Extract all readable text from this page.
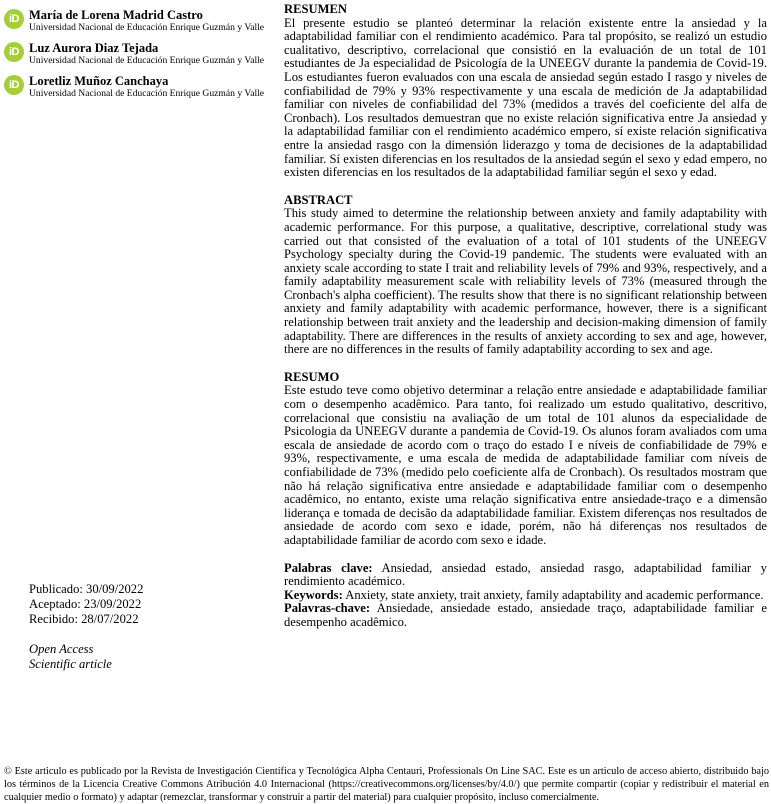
iD María de Lorena Madrid Castro
Universidad Nacional de Educación Enrique Guzmán y Valle
iD Luz Aurora Diaz Tejada
Universidad Nacional de Educación Enrique Guzmán y Valle
iD Loretliz Muñoz Canchaya
Universidad Nacional de Educación Enrique Guzmán y Valle
Publicado: 30/09/2022
Aceptado: 23/09/2022
Recibido: 28/07/2022
Open Access
Scientific article
RESUMEN

El presente estudio se planteó determinar la relación existente entre la ansiedad y la adaptabilidad familiar con el rendimiento académico. Para tal propósito, se realizó un estudio cualitativo, descriptivo, correlacional que consistió en la evaluación de un total de 101 estudiantes de Ja especialidad de Psicología de la UNEEGV durante la pandemia de Covid-19. Los estudiantes fueron evaluados con una escala de ansiedad según estado I rasgo y niveles de confiabilidad de 79% y 93% respectivamente y una escala de medición de Ja adaptabilidad familiar con niveles de confiabilidad del 73% (medidos a través del coeficiente del alfa de Cronbach). Los resultados demuestran que no existe relación significativa entre Ja ansiedad y la adaptabilidad familiar con el rendimiento académico empero, sí existe relación significativa entre la ansiedad rasgo con la dimensión liderazgo y toma de decisiones de la adaptabilidad familiar. Sí existen diferencias en los resultados de la ansiedad según el sexo y edad empero, no existen diferencias en los resultados de la adaptabilidad familiar según el sexo y edad.

ABSTRACT

This study aimed to determine the relationship between anxiety and family adaptability with academic performance. For this purpose, a qualitative, descriptive, correlational study was carried out that consisted of the evaluation of a total of 101 students of the UNEEGV Psychology specialty during the Covid-19 pandemic. The students were evaluated with an anxiety scale according to state I trait and reliability levels of 79% and 93%, respectively, and a family adaptability measurement scale with reliability levels of 73% (measured through the Cronbach's alpha coefficient). The results show that there is no significant relationship between anxiety and family adaptability with academic performance, however, there is a significant relationship between trait anxiety and the leadership and decision-making dimension of family adaptability. There are differences in the results of anxiety according to sex and age, however, there are no differences in the results of family adaptability according to sex and age.

RESUMO

Este estudo teve como objetivo determinar a relação entre ansiedade e adaptabilidade familiar com o desempenho acadêmico. Para tanto, foi realizado um estudo qualitativo, descritivo, correlacional que consistiu na avaliação de um total de 101 alunos da especialidade de Psicologia da UNEEGV durante a pandemia de Covid-19. Os alunos foram avaliados com uma escala de ansiedade de acordo com o traço do estado I e níveis de confiabilidade de 79% e 93%, respectivamente, e uma escala de medida de adaptabilidade familiar com níveis de confiabilidade de 73% (medido pelo coeficiente alfa de Cronbach). Os resultados mostram que não há relação significativa entre ansiedade e adaptabilidade familiar com o desempenho acadêmico, no entanto, existe uma relação significativa entre ansiedade-traço e a dimensão liderança e tomada de decisão da adaptabilidade familiar. Existem diferenças nos resultados de ansiedade de acordo com sexo e idade, porém, não há diferenças nos resultados de adaptabilidade familiar de acordo com sexo e idade.

Palabras clave: Ansiedad, ansiedad estado, ansiedad rasgo, adaptabilidad familiar y rendimiento académico.

Keywords: Anxiety, state anxiety, trait anxiety, family adaptability and academic performance.

Palavras-chave: Ansiedade, ansiedade estado, ansiedade traço, adaptabilidade familiar e desempenho acadêmico.

© Este articulo es publicado por la Revista de Investigación Científica y Tecnológica Alpha Centauri, Professionals On Line SAC. Este es un articulo de acceso abierto, distribuido bajo los términos de la Licencia Creative Commons Atribución 4.0 Internacional (https://creativecommons.org/licenses/by/4.0/) que permite compartir (copiar y redistribuir el material en cualquier medio o formato) y adaptar (remezclar, transformar y construir a partir del material) para cualquier propósito, incluso comercialmente.
